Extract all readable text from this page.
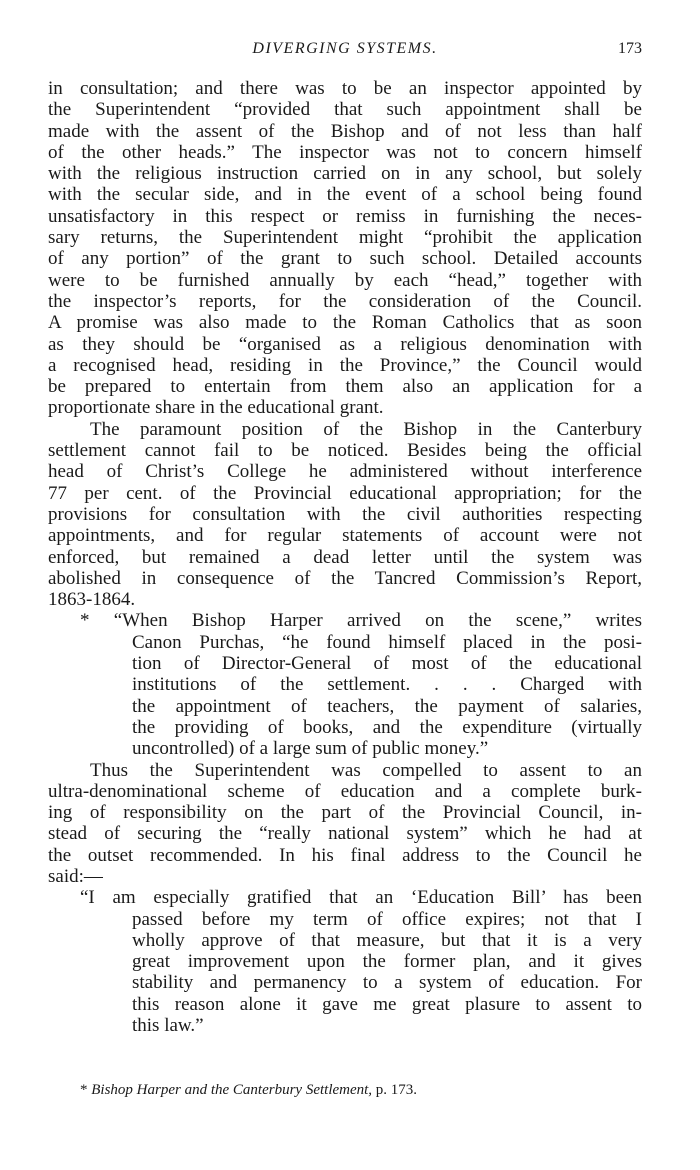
DIVERGING SYSTEMS.	173
in consultation; and there was to be an inspector appointed by
the Superintendent “provided that such appointment shall be
made with the assent of the Bishop and of not less than half
of the other heads.” The inspector was not to concern himself
with the religious instruction carried on in any school, but solely
with the secular side, and in the event of a school being found
unsatisfactory in this respect or remiss in furnishing the neces-
sary returns, the Superintendent might “prohibit the application
of any portion” of the grant to such school. Detailed accounts
were to be furnished annually by each “head,” together with
the inspector’s reports, for the consideration of the Council.
A promise was also made to the Roman Catholics that as soon
as they should be “organised as a religious denomination with
a recognised head, residing in the Province,” the Council would
be prepared to entertain from them also an application for a
proportionate share in the educational grant.
The paramount position of the Bishop in the Canterbury
settlement cannot fail to be noticed. Besides being the official
head of Christ’s College he administered without interference
77 per cent. of the Provincial educational appropriation; for the
provisions for consultation with the civil authorities respecting
appointments, and for regular statements of account were not
enforced, but remained a dead letter until the system was
abolished in consequence of the Tancred Commission’s Report,
1863-1864.
* “When Bishop Harper arrived on the scene,” writes
Canon Purchas, “he found himself placed in the posi-
tion of Director-General of most of the educational
institutions of the settlement. . . . Charged with
the appointment of teachers, the payment of salaries,
the providing of books, and the expenditure (virtually
uncontrolled) of a large sum of public money.”
Thus the Superintendent was compelled to assent to an
ultra-denominational scheme of education and a complete burk-
ing of responsibility on the part of the Provincial Council, in-
stead of securing the “really national system” which he had at
the outset recommended. In his final address to the Council he
said:—
“I am especially gratified that an ‘Education Bill’ has been
passed before my term of office expires; not that I
wholly approve of that measure, but that it is a very
great improvement upon the former plan, and it gives
stability and permanency to a system of education. For
this reason alone it gave me great plasure to assent to
this law.”
* Bishop Harper and the Canterbury Settlement, p. 173.
